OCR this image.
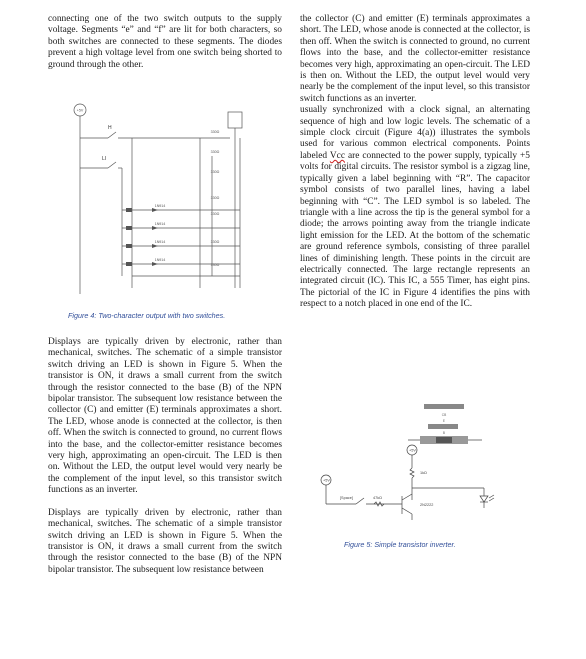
connecting one of the two switch outputs to the supply voltage. Segments “e” and “f” are lit for both characters, so both switches are connected to these segments. The diodes prevent a high voltage level from one switch being shorted to ground through the other.

+5V
330Ω
330Ω
330Ω
330Ω
330Ω
330Ω
330Ω
1N914
1N914
1N914
1N914
H
LI
Figure 4: Two-character output with two switches.

Displays are typically driven by electronic, rather than mechanical, switches. The schematic of a simple transistor switch driving an LED is shown in Figure 5. When the transistor is ON, it draws a small current from the switch through the resistor connected to the base (B) of the NPN bipolar transistor. The subsequent low resistance between the collector (C) and emitter (E) terminals approximates a short. The LED, whose anode is connected at the collector, is then off. When the switch is connected to ground, no current flows into the base, and the collector-emitter resistance becomes very high, approximating an open-circuit. The LED is then on. Without the LED, the output level would very nearly be the complement of the input level, so this transistor switch functions as an inverter.

Displays are typically driven by electronic, rather than mechanical, switches. The schematic of a simple transistor switch driving an LED is shown in Figure 5. When the transistor is ON, it draws a small current from the switch through the resistor connected to the base (B) of the NPN bipolar transistor. The subsequent low resistance between

the collector (C) and emitter (E) terminals approximates a short. The LED, whose anode is connected at the collector, is then off. When the switch is connected to ground, no current flows into the base, and the collector-emitter resistance becomes very high, approximating an open-circuit. The LED is then on. Without the LED, the output level would very nearly be the complement of the input level, so this transistor switch functions as an inverter.

usually synchronized with a clock signal, an alternating sequence of high and low logic levels. The schematic of a simple clock circuit (Figure 4(a)) illustrates the symbols used for various common electrical components. Points labeled Vcc are connected to the power supply, typically +5 volts for digital circuits. The resistor symbol is a zigzag line, typically given a label beginning with “R”. The capacitor symbol consists of two parallel lines, having a label beginning with “C”. The LED symbol is so labeled. The triangle with a line across the tip is the general symbol for a diode; the arrows pointing away from the triangle indicate light emission for the LED. At the bottom of the schematic are ground reference symbols, consisting of three parallel lines of diminishing length. These points in the circuit are electrically connected. The large rectangle represents an integrated circuit (IC). This IC, a 555 Timer, has eight pins. The pictorial of the IC in Figure 4 identifies the pins with respect to a notch placed in one end of the IC.

CB
E
B
+5V
+5V
[Space]	47kΩ
1kΩ
2N2222
Figure 5: Simple transistor inverter.
